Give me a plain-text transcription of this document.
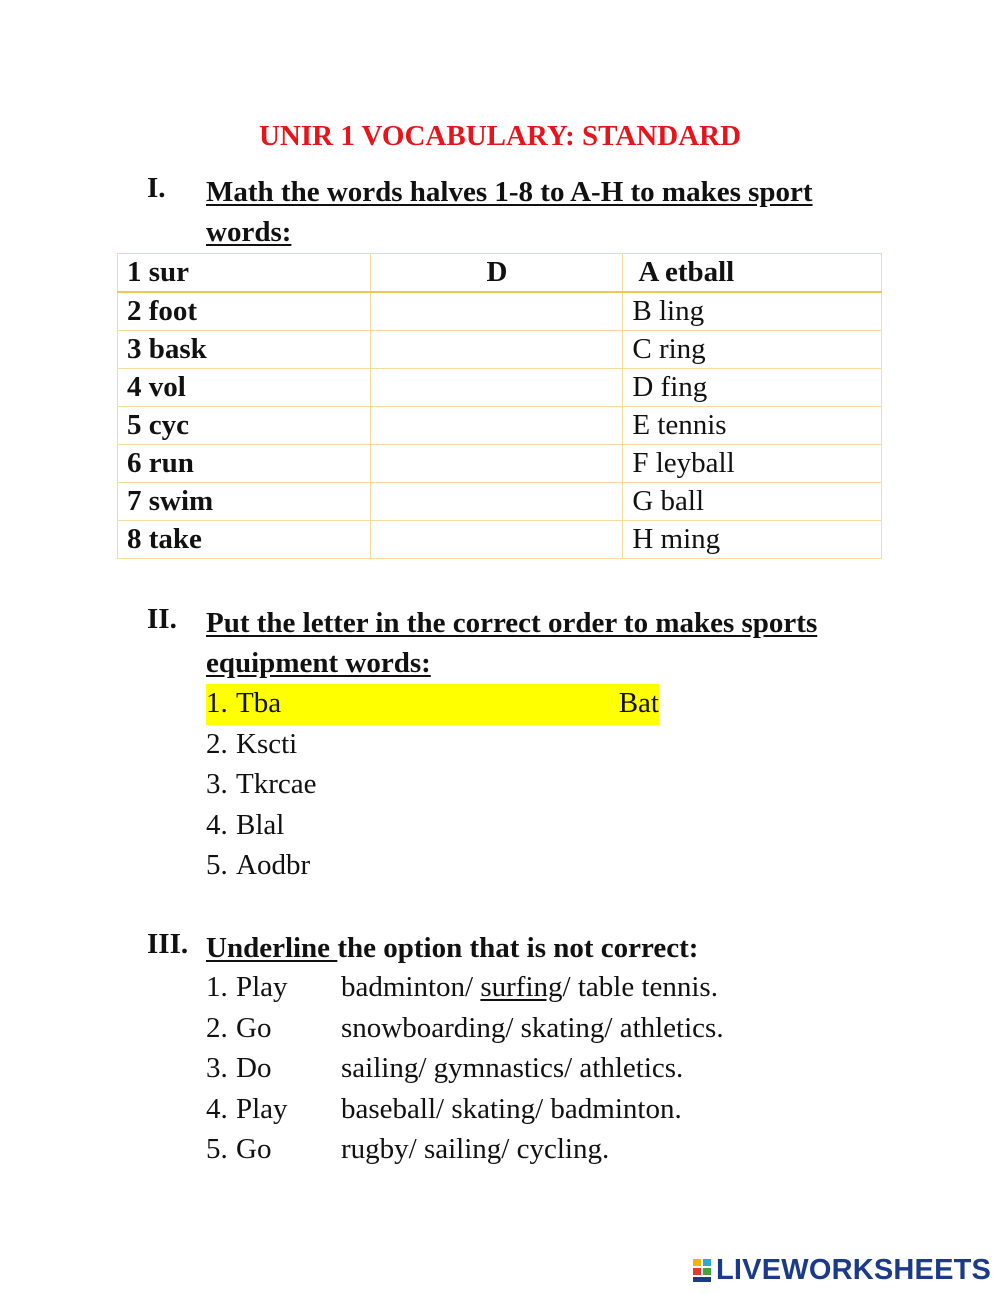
UNIR 1 VOCABULARY: STANDARD
I. Math the words halves 1-8 to A-H to makes sport words:
1 sur	D	A etball
2 foot		B ling
3 bask		C ring
4 vol		D fing
5 cyc		E tennis
6 run		F leyball
7 swim		G ball
8 take		H ming
II. Put the letter in the correct order to makes sports equipment words:
1. Tba	Bat
2. Kscti
3. Tkrcae
4. Blal
5. Aodbr
III. Underline the option that is not correct:
1. Play badminton/ surfing/ table tennis.
2. Go snowboarding/ skating/ athletics.
3. Do sailing/ gymnastics/ athletics.
4. Play baseball/ skating/ badminton.
5. Go rugby/ sailing/ cycling.
LIVEWORKSHEETS
